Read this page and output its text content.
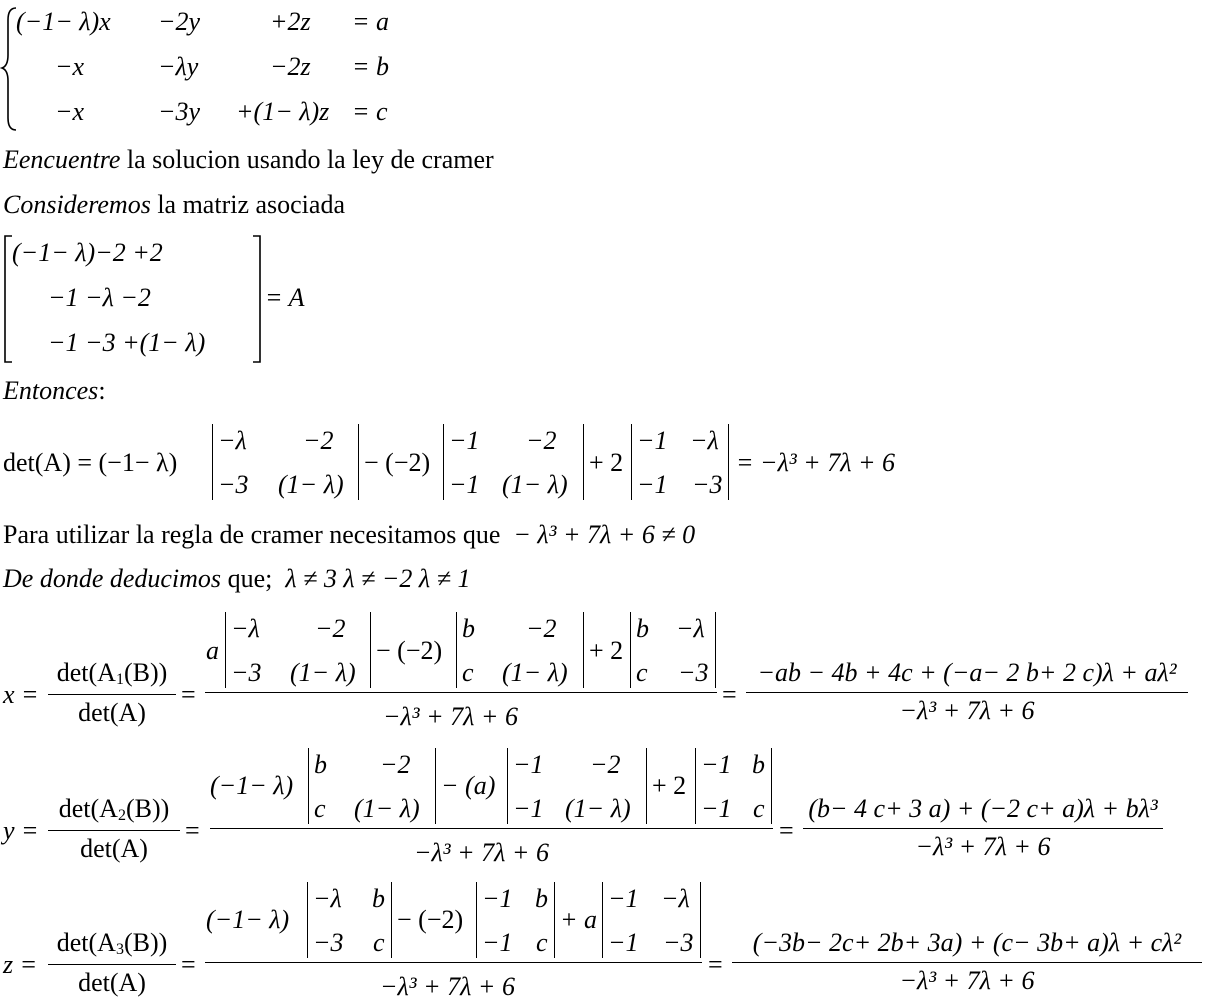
(−1− λ)x −2y	+2z = a
−x	−λy	−2z = b
−x	−3y +(1− λ)z = c
Eencuentre la solucion usando la ley de cramer
Consideremos la matriz asociada
(−1− λ)−2 +2
−1 −λ −2
−1 −3 +(1− λ)
= A
Entonces:
det(A) = (−1− λ)
−λ −2
−3 (1− λ)
− (−2)
−1 −2
−1 (1− λ)
+ 2
−1 −λ
−1 −3
= −λ³ + 7λ + 6
Para utilizar la regla de cramer necesitamos que − λ³ + 7λ + 6 ≠ 0
De donde deducimos que; λ ≠ 3 λ ≠ −2 λ ≠ 1
x =
$\det(A_1(B))$
det(A)
=
a
−λ −2
−3 (1− λ)
− (−2)
b −2
c (1− λ)
+ 2
b −λ
c −3
−λ³ + 7λ + 6
=
−ab − 4b + 4c + (−a− 2 b+ 2 c)λ + aλ²
−λ³ + 7λ + 6
y =
$\det(A_2(B))$
det(A)
=
(−1− λ)
b −2
c (1− λ)
− (a)
−1 −2
−1 (1− λ)
+ 2
−1 b
−1 c
−λ³ + 7λ + 6
=
(b− 4 c+ 3 a) + (−2 c+ a)λ + bλ³
−λ³ + 7λ + 6
z =
$\det(A_3(B))$
det(A)
=
(−1− λ)
−λ b
−3 c
− (−2)
−1 b
−1 c
+ a
−1 −λ
−1 −3
−λ³ + 7λ + 6
=
(−3b− 2c+ 2b+ 3a) + (c− 3b+ a)λ + cλ²
−λ³ + 7λ + 6
